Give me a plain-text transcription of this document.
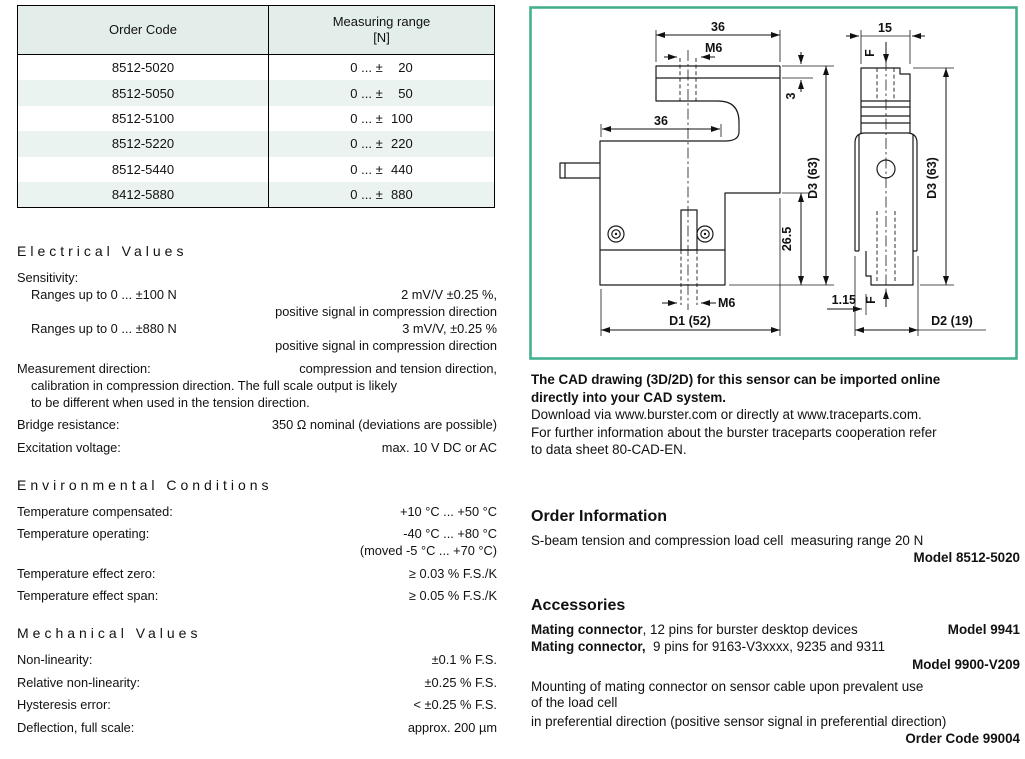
Order Code	Measuring range
[N]
8512-5020	0 ... ± 20

8512-5050	0 ... ± 50

8512-5100	0 ... ± 100

8512-5220	0 ... ± 220

8512-5440	0 ... ± 440

8412-5880	0 ... ± 880
Electrical Values
Sensitivity:
Ranges up to 0 ... ±100 N	2 mV/V ±0.25 %,
positive signal in compression direction
Ranges up to 0 ... ±880 N	3 mV/V, ±0.25 %
positive signal in compression direction
Measurement direction:	compression and tension direction,
calibration in compression direction. The full scale output is likely
to be different when used in the tension direction.
Bridge resistance:	350 Ω nominal (deviations are possible)
Excitation voltage:	max. 10 V DC or AC
Environmental Conditions
Temperature compensated:	+10 °C ... +50 °C
Temperature operating:	-40 °C ... +80 °C
(moved -5 °C ... +70 °C)
Temperature effect zero:	≥ 0.03 % F.S./K
Temperature effect span:	≥ 0.05 % F.S./K
Mechanical Values
Non-linearity:	±0.1 % F.S.
Relative non-linearity:	±0.25 % F.S.
Hysteresis error:	< ±0.25 % F.S.
Deflection, full scale:	approx. 200 µm
36
M6
3
36
D3 (63)
26.5
M6
D1 (52)
15
F
F
1.15
D2 (19)
D3 (63)
The CAD drawing (3D/2D) for this sensor can be imported online
directly into your CAD system.
Download via www.burster.com or directly at www.traceparts.com.
For further information about the burster traceparts cooperation refer
to data sheet 80-CAD-EN.
Order Information
S-beam tension and compression load cell  measuring range 20 N
Model 8512-5020
Accessories
Mating connector, 12 pins for burster desktop devices	Model 9941
Mating connector,  9 pins for 9163-V3xxxx, 9235 and 9311
Model 9900-V209
Mounting of mating connector on sensor cable upon prevalent use
of the load cell
in preferential direction (positive sensor signal in preferential direction)
Order Code 99004
